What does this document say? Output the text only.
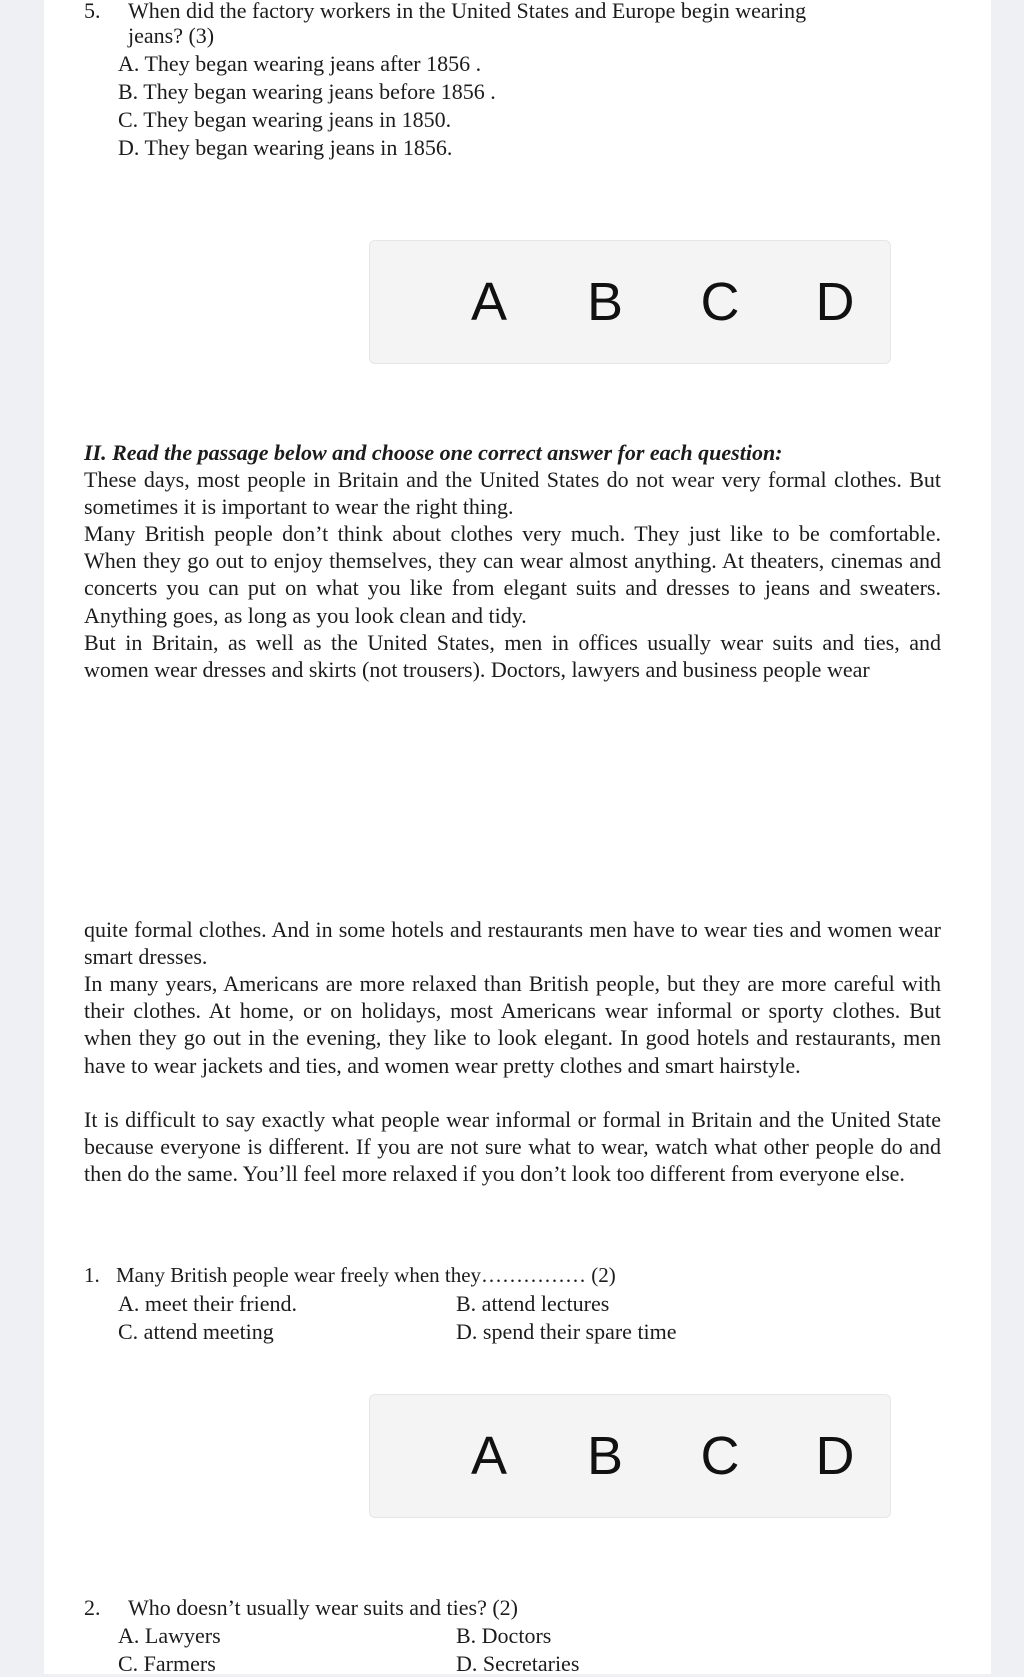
5. When did the factory workers in the United States and Europe begin wearing
jeans? (3)
A. They began wearing jeans after 1856 .
B. They began wearing jeans before 1856 .
C. They began wearing jeans in 1850.
D. They began wearing jeans in 1856.
A	B	C	D
II. Read the passage below and choose one correct answer for each question:
These days, most people in Britain and the United States do not wear very formal clothes. But sometimes it is important to wear the right thing.
Many British people don’t think about clothes very much. They just like to be comfortable. When they go out to enjoy themselves, they can wear almost anything. At theaters, cinemas and concerts you can put on what you like from elegant suits and dresses to jeans and sweaters. Anything goes, as long as you look clean and tidy.
But in Britain, as well as the United States, men in offices usually wear suits and ties, and women wear dresses and skirts (not trousers). Doctors, lawyers and business people wear
quite formal clothes. And in some hotels and restaurants men have to wear ties and women wear smart dresses.
In many years, Americans are more relaxed than British people, but they are more careful with their clothes. At home, or on holidays, most Americans wear informal or sporty clothes. But when they go out in the evening, they like to look elegant. In good hotels and restaurants, men have to wear jackets and ties, and women wear pretty clothes and smart hairstyle.
It is difficult to say exactly what people wear informal or formal in Britain and the United State because everyone is different. If you are not sure what to wear, watch what other people do and then do the same. You’ll feel more relaxed if you don’t look too different from everyone else.
1. Many British people wear freely when they…………… (2)
A. meet their friend.	B. attend lectures
C. attend meeting	D. spend their spare time
A	B	C	D
2. Who doesn’t usually wear suits and ties? (2)
A. Lawyers	B. Doctors
C. Farmers	D. Secretaries
